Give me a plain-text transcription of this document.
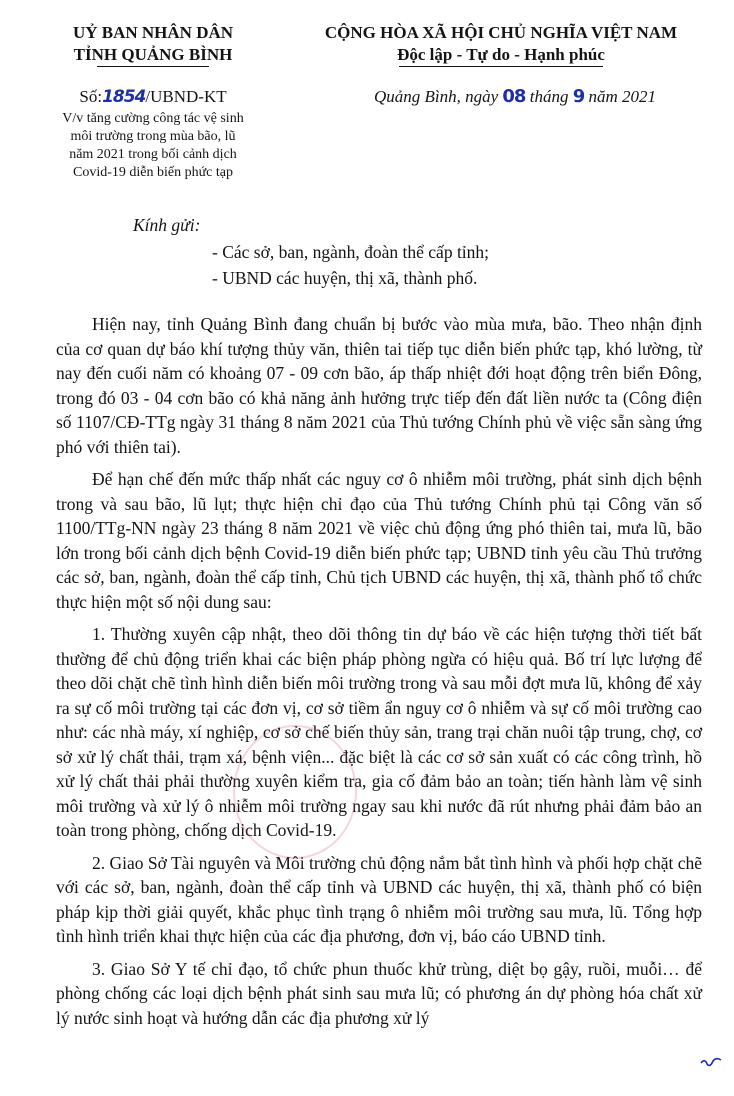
UỶ BAN NHÂN DÂN
TỈNH QUẢNG BÌNH
CỘNG HÒA XÃ HỘI CHỦ NGHĨA VIỆT NAM
Độc lập - Tự do - Hạnh phúc
Số:1854/UBND-KT	Quảng Bình, ngày 08 tháng 9 năm 2021
V/v tăng cường công tác vệ sinh
môi trường trong mùa bão, lũ
năm 2021 trong bối cảnh dịch
Covid-19 diễn biến phức tạp
Kính gửi:
- Các sở, ban, ngành, đoàn thể cấp tỉnh;
- UBND các huyện, thị xã, thành phố.

Hiện nay, tỉnh Quảng Bình đang chuẩn bị bước vào mùa mưa, bão. Theo nhận định của cơ quan dự báo khí tượng thủy văn, thiên tai tiếp tục diễn biến phức tạp, khó lường, từ nay đến cuối năm có khoảng 07 - 09 cơn bão, áp thấp nhiệt đới hoạt động trên biển Đông, trong đó 03 - 04 cơn bão có khả năng ảnh hưởng trực tiếp đến đất liền nước ta (Công điện số 1107/CĐ-TTg ngày 31 tháng 8 năm 2021 của Thủ tướng Chính phủ về việc sẵn sàng ứng phó với thiên tai).

Để hạn chế đến mức thấp nhất các nguy cơ ô nhiễm môi trường, phát sinh dịch bệnh trong và sau bão, lũ lụt; thực hiện chỉ đạo của Thủ tướng Chính phủ tại Công văn số 1100/TTg-NN ngày 23 tháng 8 năm 2021 về việc chủ động ứng phó thiên tai, mưa lũ, bão lớn trong bối cảnh dịch bệnh Covid-19 diễn biến phức tạp; UBND tỉnh yêu cầu Thủ trưởng các sở, ban, ngành, đoàn thể cấp tỉnh, Chủ tịch UBND các huyện, thị xã, thành phố tổ chức thực hiện một số nội dung sau:

1. Thường xuyên cập nhật, theo dõi thông tin dự báo về các hiện tượng thời tiết bất thường để chủ động triển khai các biện pháp phòng ngừa có hiệu quả. Bố trí lực lượng để theo dõi chặt chẽ tình hình diễn biến môi trường trong và sau mỗi đợt mưa lũ, không để xảy ra sự cố môi trường tại các đơn vị, cơ sở tiềm ẩn nguy cơ ô nhiễm và sự cố môi trường cao như: các nhà máy, xí nghiệp, cơ sở chế biến thủy sản, trang trại chăn nuôi tập trung, chợ, cơ sở xử lý chất thải, trạm xá, bệnh viện... đặc biệt là các cơ sở sản xuất có các công trình, hồ xử lý chất thải phải thường xuyên kiểm tra, gia cố đảm bảo an toàn; tiến hành làm vệ sinh môi trường và xử lý ô nhiễm môi trường ngay sau khi nước đã rút nhưng phải đảm bảo an toàn trong phòng, chống dịch Covid-19.

2. Giao Sở Tài nguyên và Môi trường chủ động nắm bắt tình hình và phối hợp chặt chẽ với các sở, ban, ngành, đoàn thể cấp tỉnh và UBND các huyện, thị xã, thành phố có biện pháp kịp thời giải quyết, khắc phục tình trạng ô nhiễm môi trường sau mưa, lũ. Tổng hợp tình hình triển khai thực hiện của các địa phương, đơn vị, báo cáo UBND tỉnh.

3. Giao Sở Y tế chỉ đạo, tổ chức phun thuốc khử trùng, diệt bọ gậy, ruồi, muỗi… để phòng chống các loại dịch bệnh phát sinh sau mưa lũ; có phương án dự phòng hóa chất xử lý nước sinh hoạt và hướng dẫn các địa phương xử lý
